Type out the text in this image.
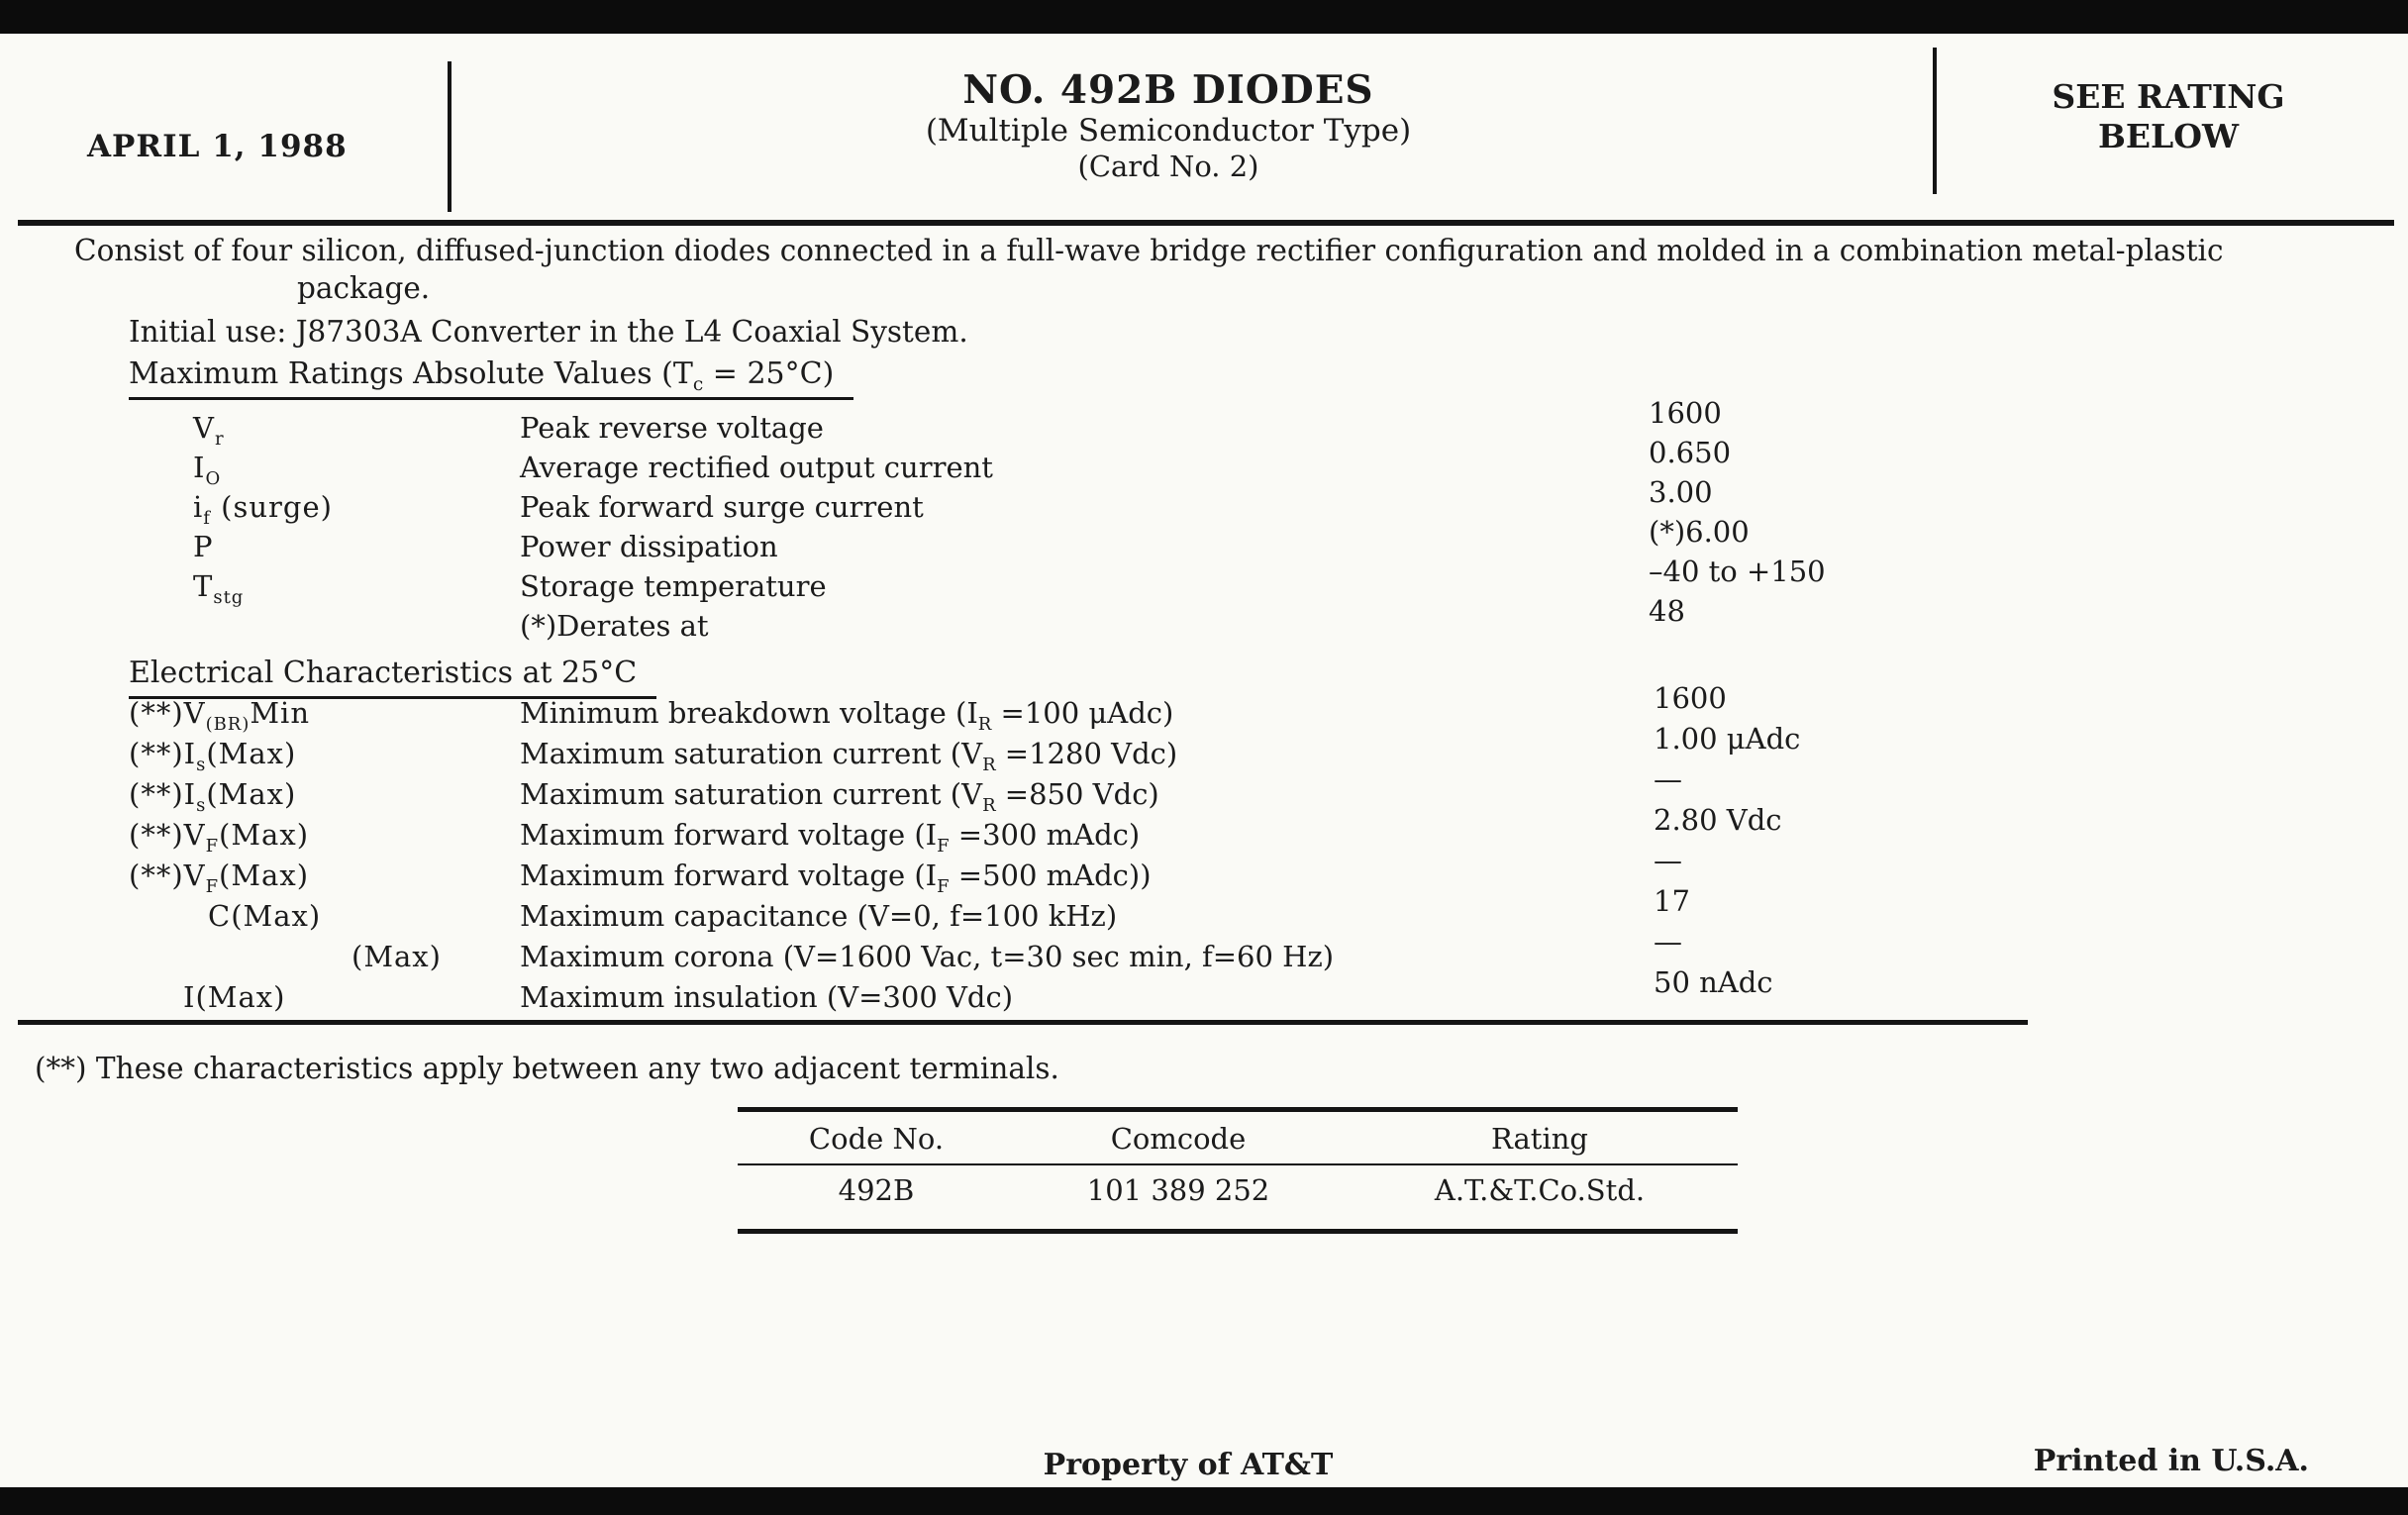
APRIL 1, 1988
NO. 492B DIODES
(Multiple Semiconductor Type)
(Card No. 2)
SEE RATING
BELOW
Consist of four silicon, diffused-junction diodes connected in a full-wave bridge rectifier configuration and molded in a combination metal-plastic package.
Initial use: J87303A Converter in the L4 Coaxial System.
Maximum Ratings Absolute Values $(T_c = 25^\circ C)$
$V_r$	Peak reverse voltage	1600
$I_O$	Average rectified output current	0.650
$i_f$ (surge)	Peak forward surge current	3.00
P	Power dissipation	(*)6.00
$T_{stg}$	Storage temperature	–40 to +150
(*)Derates at	48
Electrical Characteristics at 25°C
$(**)V_{(BR)}Min$	Minimum breakdown voltage ($I_R =100$ μAdc)	1600
$(**)I_s(Max)$	Maximum saturation current ($V_R =1280$ Vdc)	1.00 μAdc
$(**)I_s(Max)$	Maximum saturation current ($V_R =850$ Vdc)	—
$(**)V_F(Max)$	Maximum forward voltage ($I_F =300$ mAdc)	2.80 Vdc
$(**)V_F(Max)$	Maximum forward voltage ($I_F =500$ mAdc))	—
C(Max)	Maximum capacitance (V=0, f=100 kHz)	17
(Max)	Maximum corona (V=1600 Vac, t=30 sec min, f=60 Hz)	—
I(Max)	Maximum insulation (V=300 Vdc)	50 nAdc
(**) These characteristics apply between any two adjacent terminals.
Code No.	Comcode	Rating
492B	101 389 252	A.T.&T.Co.Std.
Property of AT&T	Printed in U.S.A.
